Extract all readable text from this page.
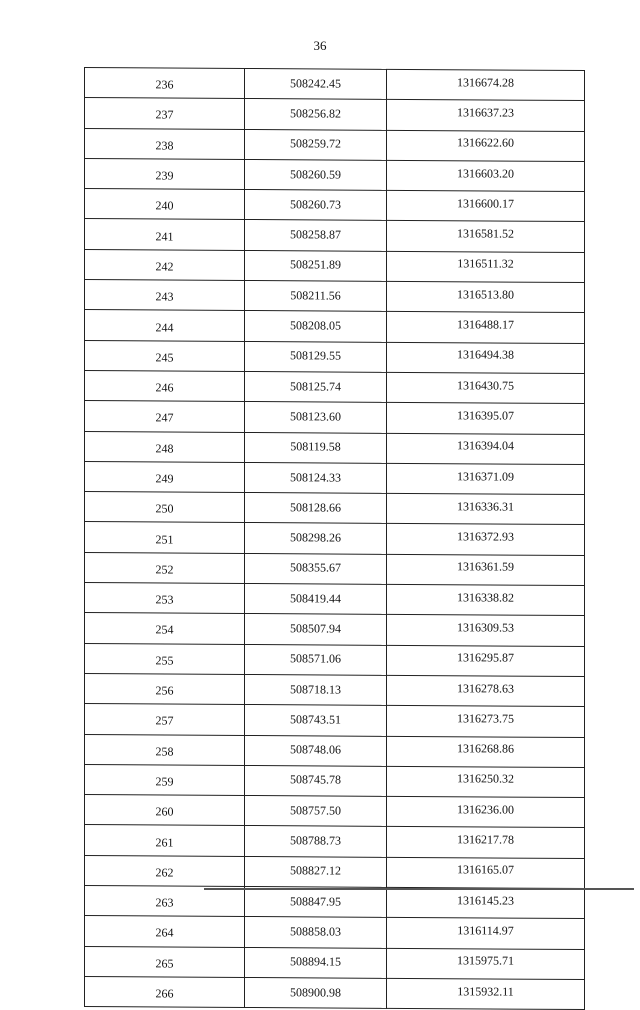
36
236	508242.45	1316674.28
237	508256.82	1316637.23
238	508259.72	1316622.60
239	508260.59	1316603.20
240	508260.73	1316600.17
241	508258.87	1316581.52
242	508251.89	1316511.32
243	508211.56	1316513.80
244	508208.05	1316488.17
245	508129.55	1316494.38
246	508125.74	1316430.75
247	508123.60	1316395.07
248	508119.58	1316394.04
249	508124.33	1316371.09
250	508128.66	1316336.31
251	508298.26	1316372.93
252	508355.67	1316361.59
253	508419.44	1316338.82
254	508507.94	1316309.53
255	508571.06	1316295.87
256	508718.13	1316278.63
257	508743.51	1316273.75
258	508748.06	1316268.86
259	508745.78	1316250.32
260	508757.50	1316236.00
261	508788.73	1316217.78
262	508827.12	1316165.07
263	508847.95	1316145.23
264	508858.03	1316114.97
265	508894.15	1315975.71
266	508900.98	1315932.11
